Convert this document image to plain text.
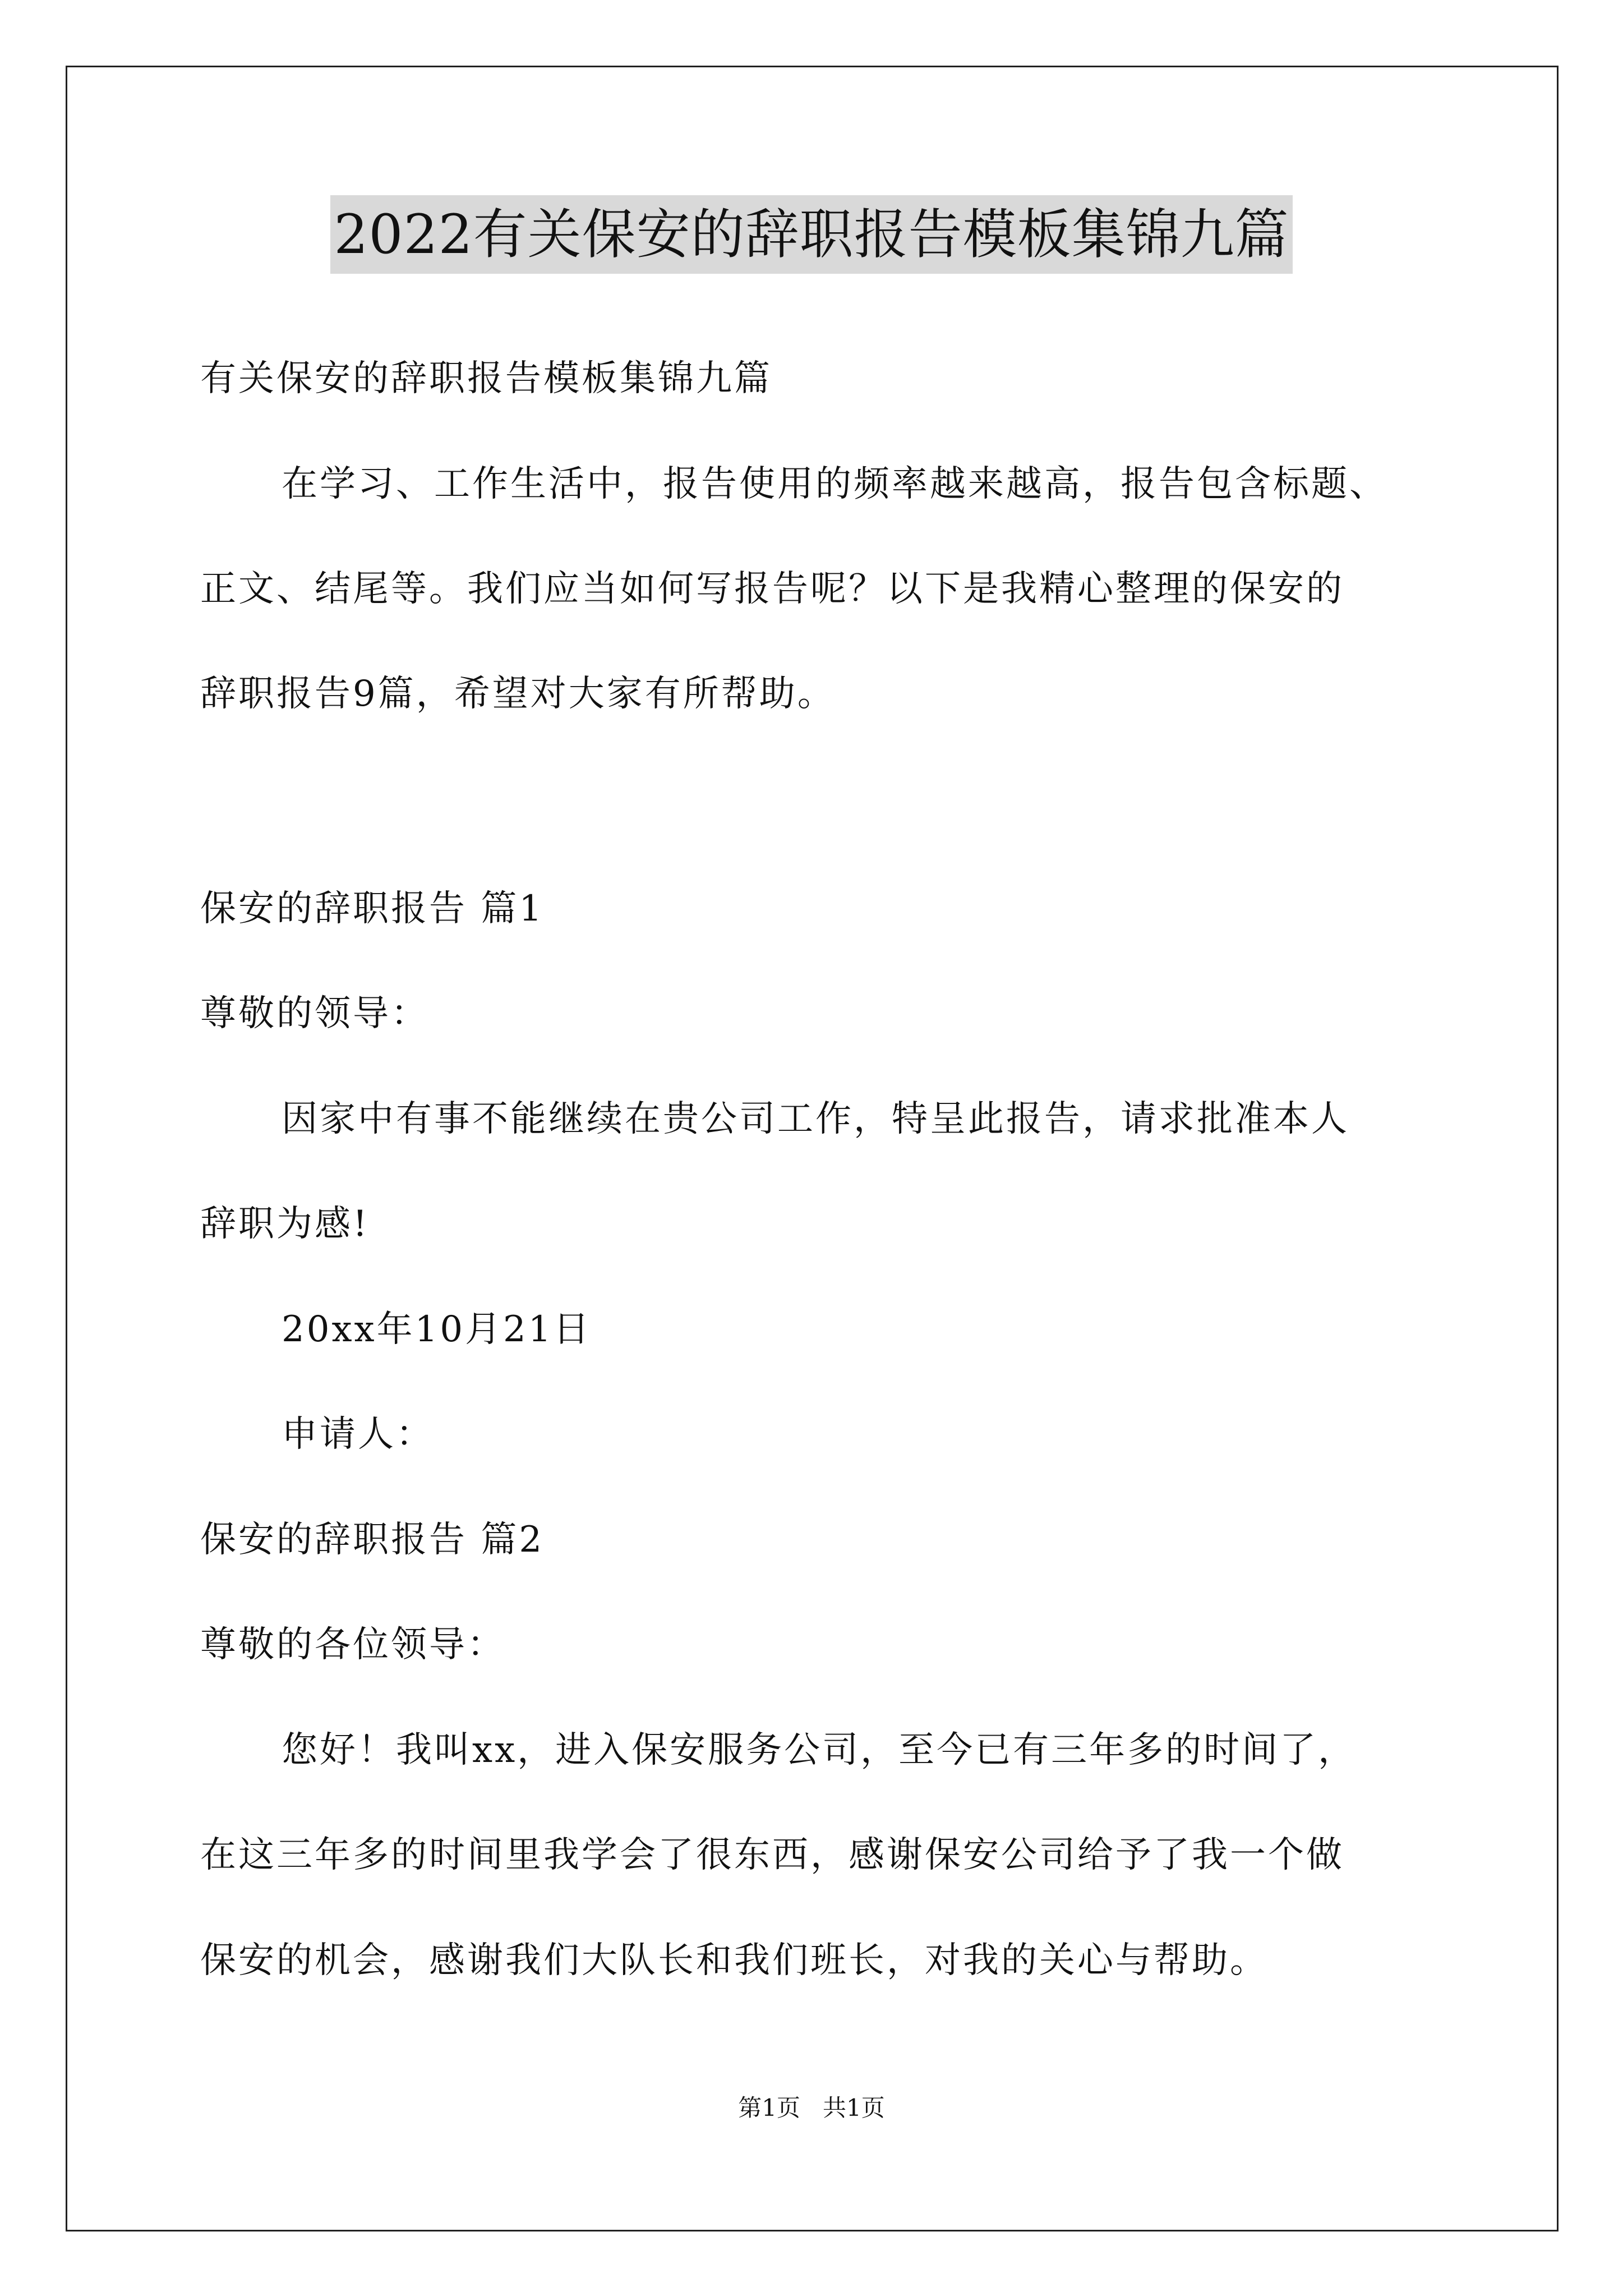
2022有关保安的辞职报告模板集锦九篇
有关保安的辞职报告模板集锦九篇
在学习、工作生活中，报告使用的频率越来越高，报告包含标题、
正文、结尾等。我们应当如何写报告呢？以下是我精心整理的保安的
辞职报告9篇，希望对大家有所帮助。
保安的辞职报告 篇1
尊敬的领导：
因家中有事不能继续在贵公司工作，特呈此报告，请求批准本人
辞职为感!
20xx年10月21日
申请人：
保安的辞职报告 篇2
尊敬的各位领导：
您好！我叫xx，进入保安服务公司，至今已有三年多的时间了，
在这三年多的时间里我学会了很东西，感谢保安公司给予了我一个做
保安的机会，感谢我们大队长和我们班长，对我的关心与帮助。
第1页   共1页
